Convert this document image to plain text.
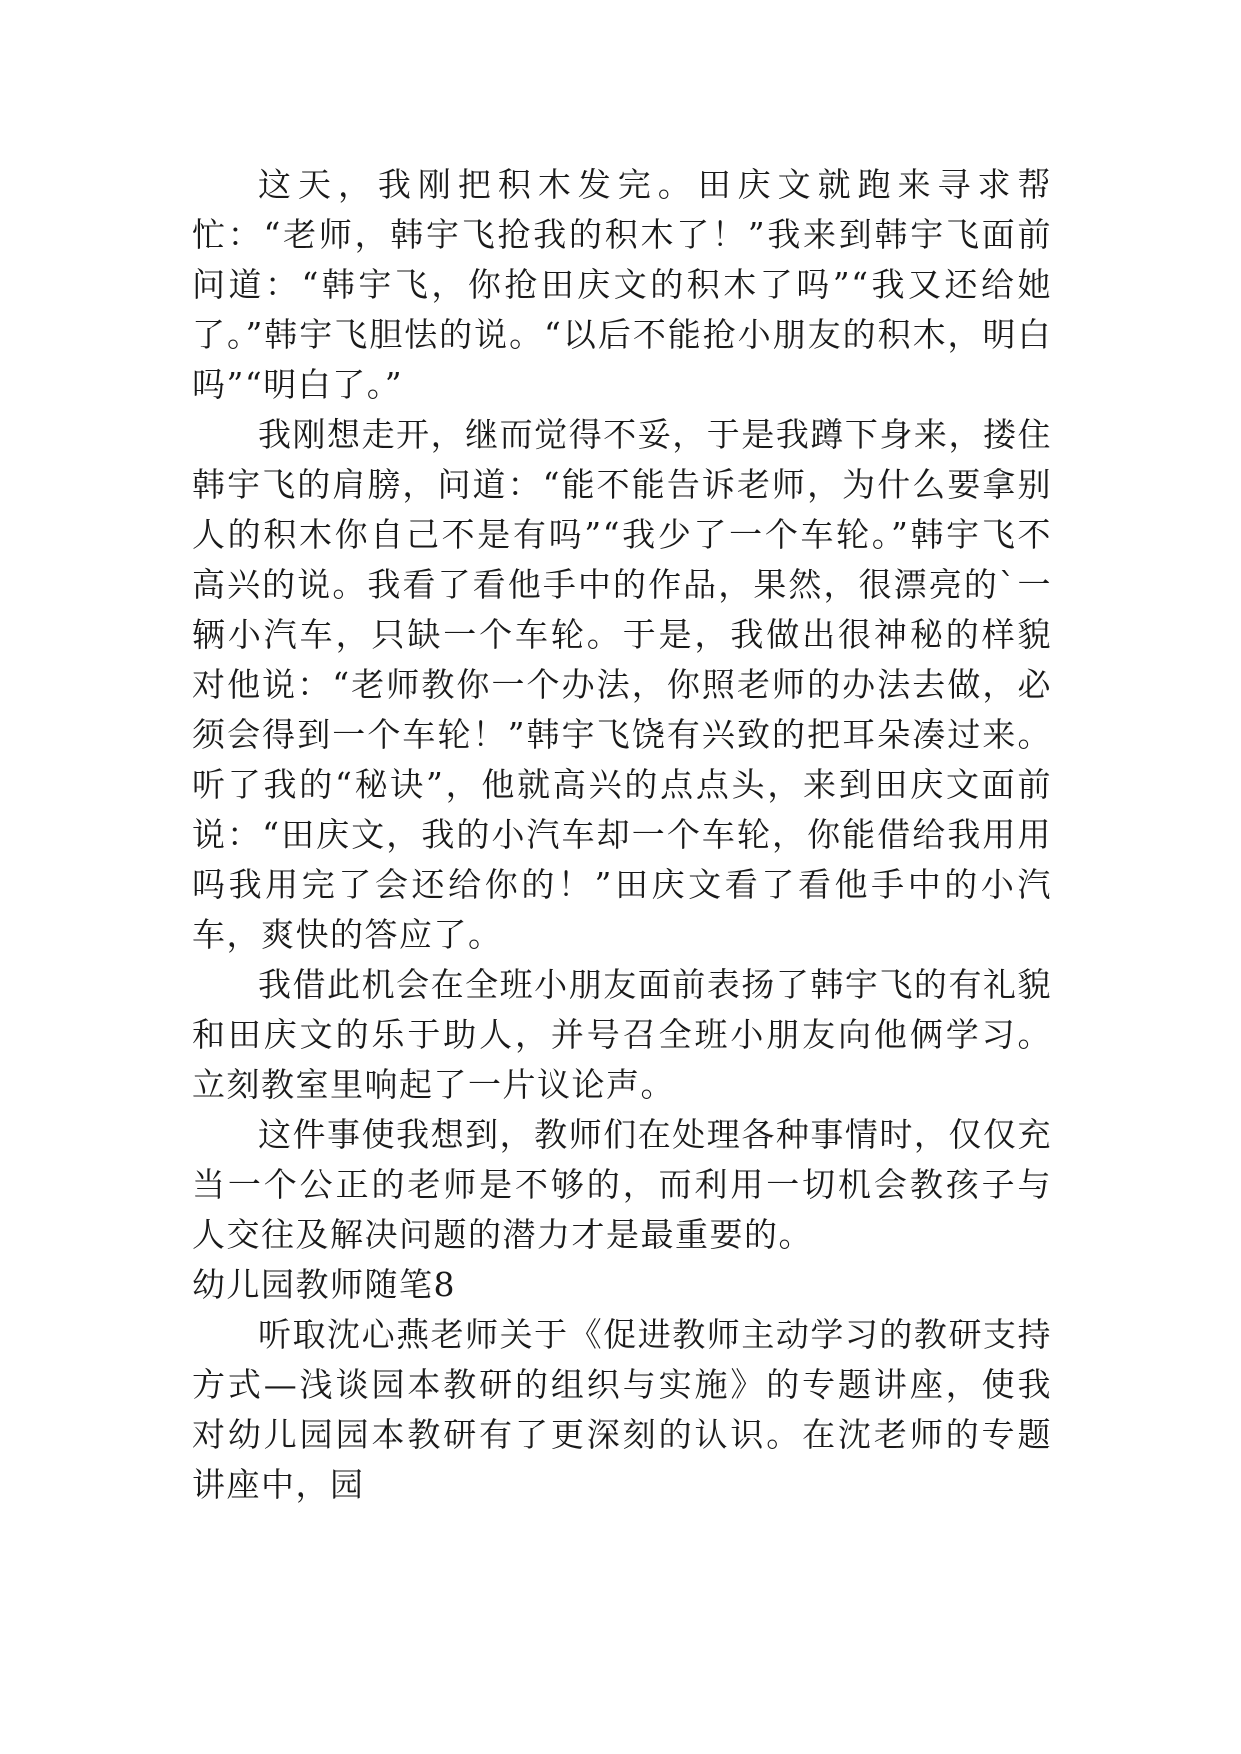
这天，我刚把积木发完。田庆文就跑来寻求帮忙：“老师，韩宇飞抢我的积木了！”我来到韩宇飞面前问道：“韩宇飞，你抢田庆文的积木了吗”“我又还给她了。”韩宇飞胆怯的说。“以后不能抢小朋友的积木，明白吗”“明白了。”

我刚想走开，继而觉得不妥，于是我蹲下身来，搂住韩宇飞的肩膀，问道：“能不能告诉老师，为什么要拿别人的积木你自己不是有吗”“我少了一个车轮。”韩宇飞不高兴的说。我看了看他手中的作品，果然，很漂亮的`一辆小汽车，只缺一个车轮。于是，我做出很神秘的样貌对他说：“老师教你一个办法，你照老师的办法去做，必须会得到一个车轮！”韩宇飞饶有兴致的把耳朵凑过来。听了我的“秘诀”，他就高兴的点点头，来到田庆文面前说：“田庆文，我的小汽车却一个车轮，你能借给我用用吗我用完了会还给你的！”田庆文看了看他手中的小汽车，爽快的答应了。

我借此机会在全班小朋友面前表扬了韩宇飞的有礼貌和田庆文的乐于助人，并号召全班小朋友向他俩学习。立刻教室里响起了一片议论声。

这件事使我想到，教师们在处理各种事情时，仅仅充当一个公正的老师是不够的，而利用一切机会教孩子与人交往及解决问题的潜力才是最重要的。

幼儿园教师随笔8

听取沈心燕老师关于《促进教师主动学习的教研支持方式—浅谈园本教研的组织与实施》的专题讲座，使我对幼儿园园本教研有了更深刻的认识。在沈老师的专题讲座中，园
